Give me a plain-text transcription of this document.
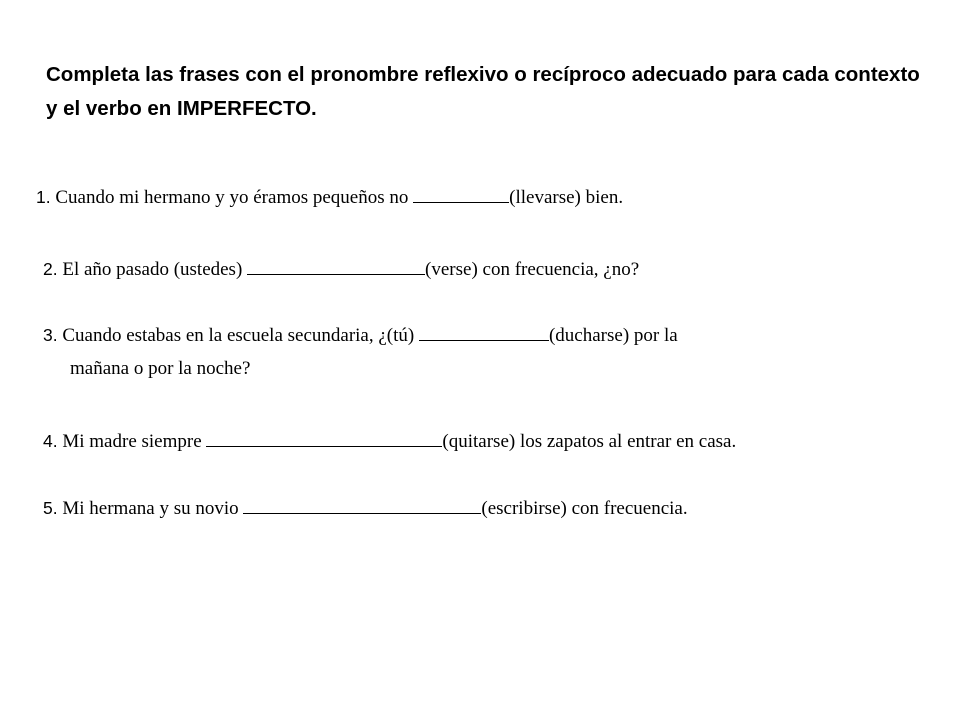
Completa las frases con el pronombre reflexivo o recíproco adecuado para cada contexto y el verbo en IMPERFECTO.

1. Cuando mi hermano y yo éramos pequeños no	(llevarse) bien.
2. El año pasado (ustedes)	(verse) con frecuencia, ¿no?
3. Cuando estabas en la escuela secundaria, ¿(tú)	(ducharse) por la
mañana o por la noche?
4. Mi madre siempre	(quitarse) los zapatos al entrar en casa.
5. Mi hermana y su novio	(escribirse) con frecuencia.
